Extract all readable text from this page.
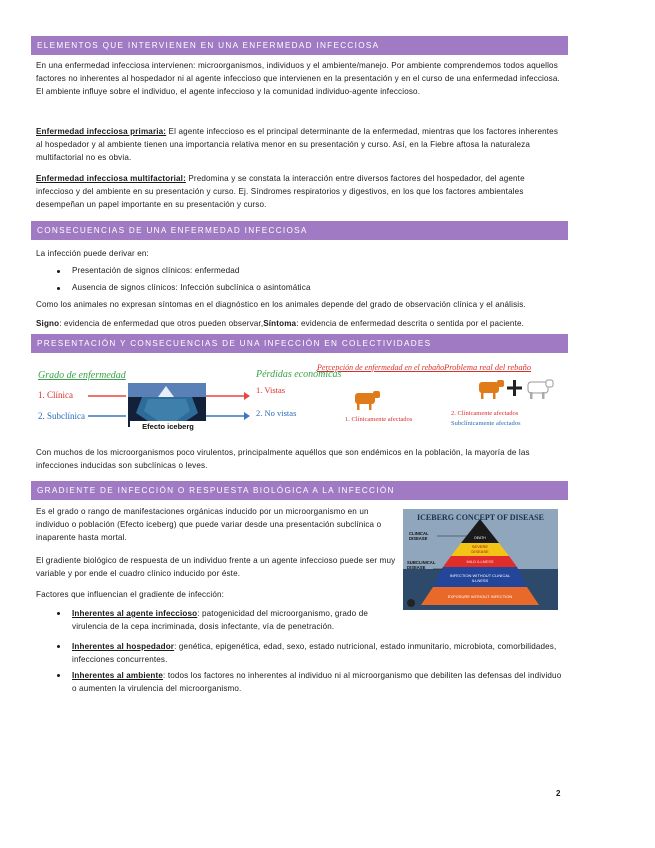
ELEMENTOS QUE INTERVIENEN EN UNA ENFERMEDAD INFECCIOSA
En una enfermedad infecciosa intervienen: microorganismos, individuos y el ambiente/manejo. Por ambiente comprendemos todos aquellos factores no inherentes al hospedador ni al agente infeccioso que intervienen en la presentación y en el curso de una enfermedad infecciosa. El ambiente influye sobre el individuo, el agente infeccioso y la comunidad individuo-agente infeccioso.
Enfermedad infecciosa primaria: El agente infeccioso es el principal determinante de la enfermedad, mientras que los factores inherentes al hospedador y al ambiente tienen una importancia relativa menor en su presentación y curso. Así, en la Fiebre aftosa la naturaleza multifactorial no es obvia.
Enfermedad infecciosa multifactorial: Predomina y se constata la interacción entre diversos factores del hospedador, del agente infeccioso y del ambiente en su presentación y curso. Ej. Síndromes respiratorios y digestivos, en los que los factores ambientales desempeñan un papel importante en su presentación y curso.
CONSECUENCIAS DE UNA ENFERMEDAD INFECCIOSA
La infección puede derivar en:
Presentación de signos clínicos: enfermedad
Ausencia de signos clínicos: Infección subclínica o asintomática
Como los animales no expresan síntomas en el diagnóstico en los animales depende del grado de observación clínica y el análisis.
Signo: evidencia de enfermedad que otros pueden observar,Síntoma: evidencia de enfermedad descrita o sentida por el paciente.
PRESENTACIÓN Y CONSECUENCIAS DE UNA INFECCIÓN EN COLECTIVIDADES
Grado de enfermedad
1. Clínica
2. Subclínica
Efecto iceberg
Pérdidas económicas
1. Vistas
2. No vistas
Percepción de enfermedad en el rebaño
1. Clínicamente afectados
Problema real del rebaño
2. Clínicamente afectados
Subclínicamente afectados
Con muchos de los microorganismos poco virulentos, principalmente aquéllos que son endémicos en la población, la mayoría de las infecciones inducidas son subclínicas o leves.
GRADIENTE DE INFECCIÓN O RESPUESTA BIOLÓGICA A LA INFECCIÓN
Es el grado o rango de manifestaciones orgánicas inducido por un microorganismo en un individuo o población (Efecto iceberg) que puede variar desde una presentación subclínica o inaparente hasta mortal.
El gradiente biológico de respuesta de un individuo frente a un agente infeccioso puede ser muy variable y por ende el cuadro clínico inducido por éste.
Factores que influencian el gradiente de infección:
ICEBERG CONCEPT OF DISEASE
CLINICAL DISEASE
SUBCLINICAL DISEASE
DEATH
SEVERE DISEASE
MILD ILLNESS
INFECTION WITHOUT CLINICAL ILLNESS
EXPOSURE WITHOUT INFECTION
Inherentes al agente infeccioso: patogenicidad del microorganismo, grado de virulencia de la cepa incriminada, dosis infectante, vía de penetración.
Inherentes al hospedador: genética, epigenética, edad, sexo, estado nutricional, estado inmunitario, microbiota, comorbilidades, infecciones concurrentes.
Inherentes al ambiente: todos los factores no inherentes al individuo ni al microorganismo que debiliten las defensas del individuo o aumenten la virulencia del microorganismo.
2
